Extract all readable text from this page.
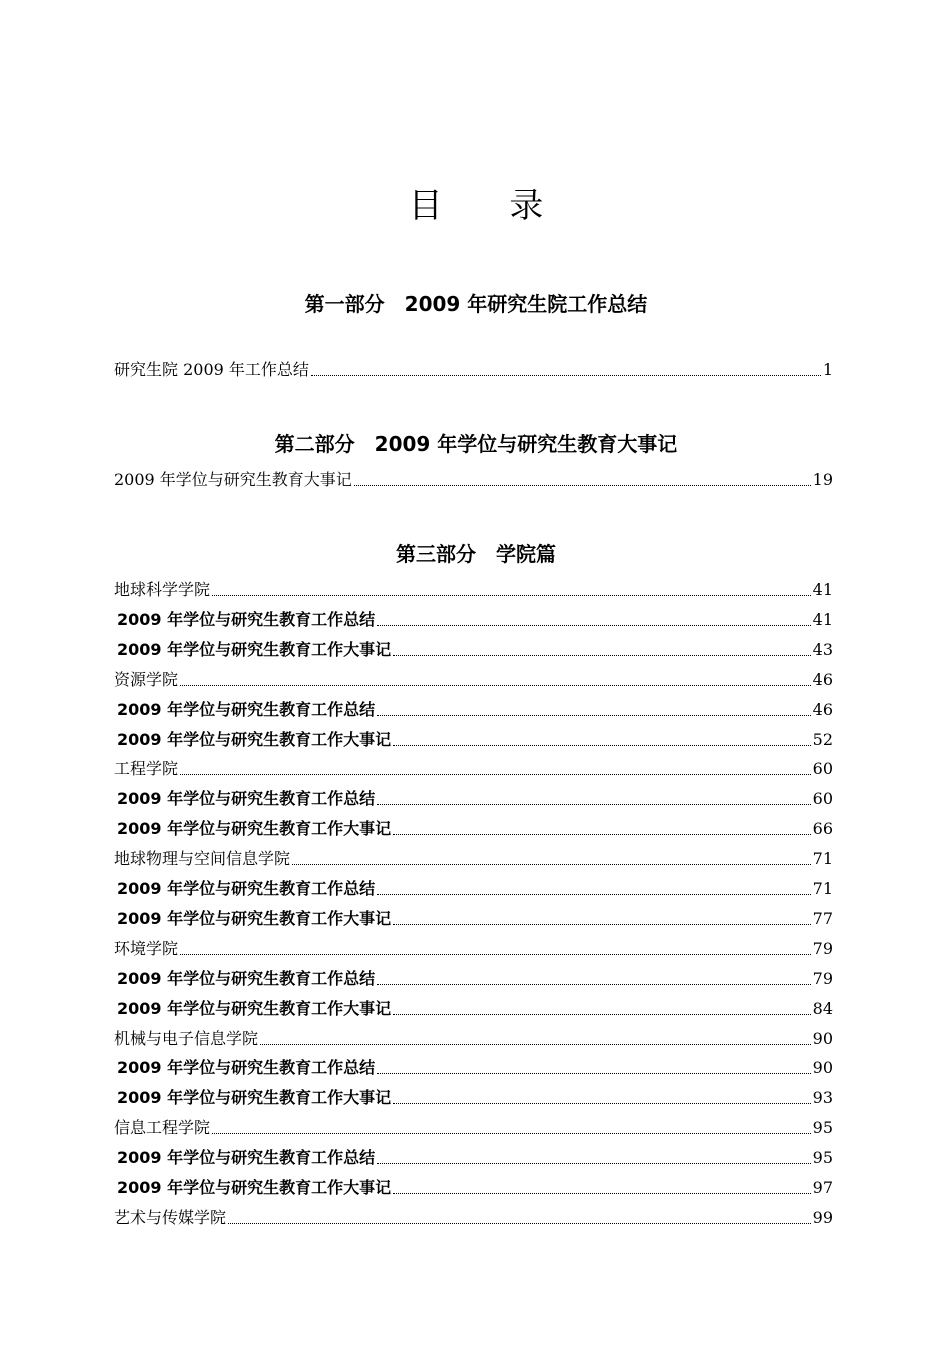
目 录
第一部分　2009 年研究生院工作总结
研究生院 2009 年工作总结	1
第二部分　2009 年学位与研究生教育大事记
2009 年学位与研究生教育大事记	19
第三部分　学院篇
地球科学学院	41
2009 年学位与研究生教育工作总结	41
2009 年学位与研究生教育工作大事记	43
资源学院	46
2009 年学位与研究生教育工作总结	46
2009 年学位与研究生教育工作大事记	52
工程学院	60
2009 年学位与研究生教育工作总结	60
2009 年学位与研究生教育工作大事记	66
地球物理与空间信息学院	71
2009 年学位与研究生教育工作总结	71
2009 年学位与研究生教育工作大事记	77
环境学院	79
2009 年学位与研究生教育工作总结	79
2009 年学位与研究生教育工作大事记	84
机械与电子信息学院	90
2009 年学位与研究生教育工作总结	90
2009 年学位与研究生教育工作大事记	93
信息工程学院	95
2009 年学位与研究生教育工作总结	95
2009 年学位与研究生教育工作大事记	97
艺术与传媒学院	99
